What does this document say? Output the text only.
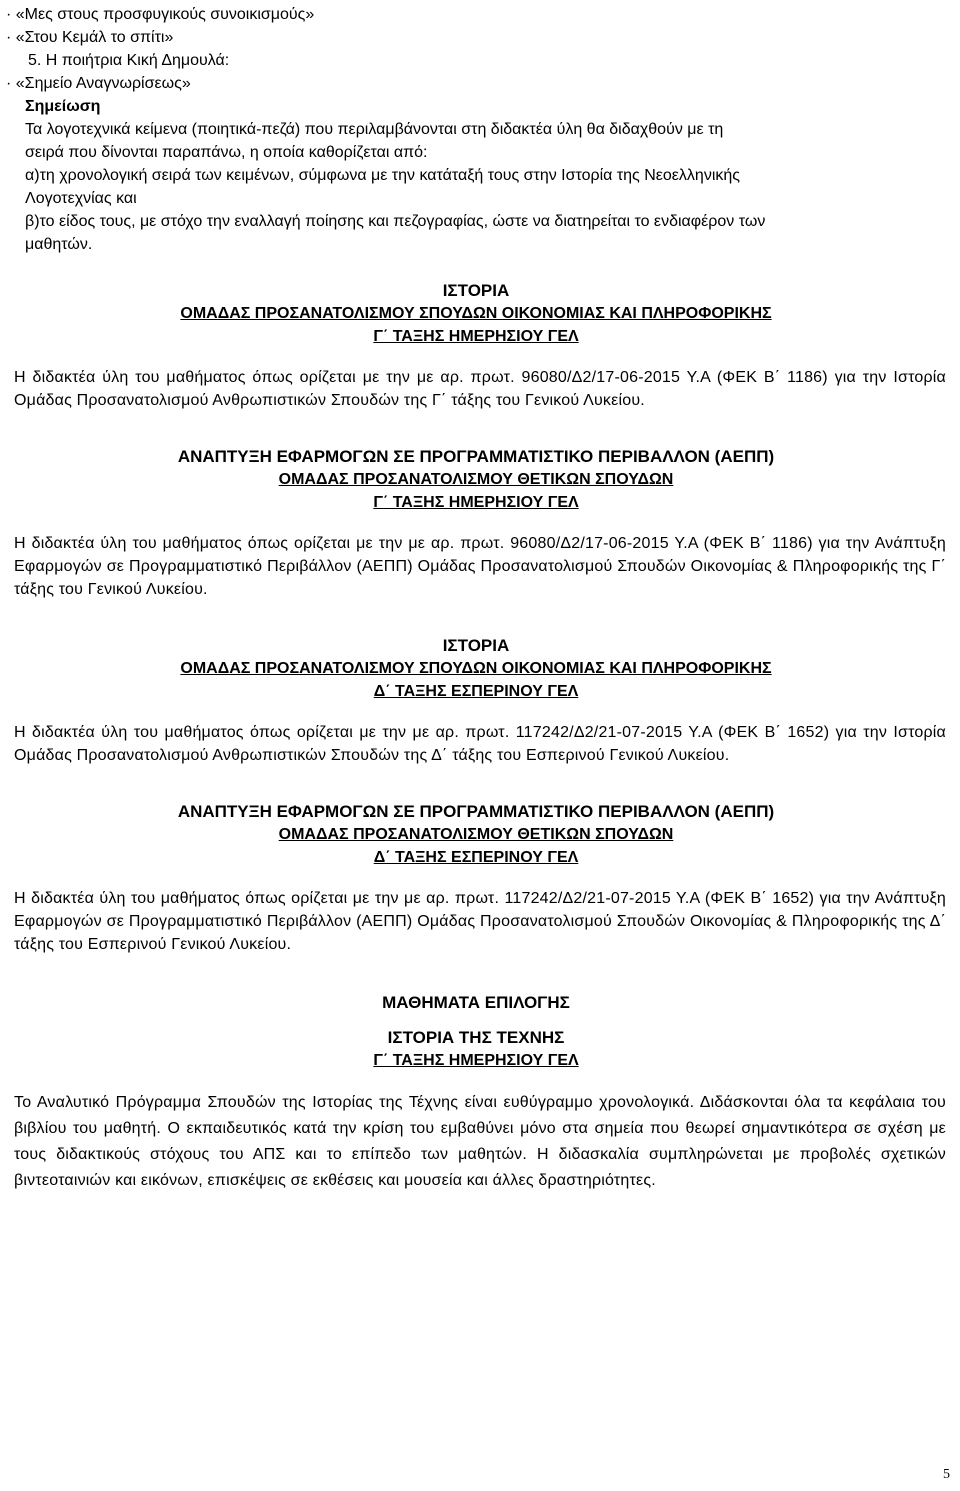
· «Μες στους προσφυγικούς συνοικισμούς»
· «Στου Κεμάλ το σπίτι»
5. Η ποιήτρια Κική Δημουλά:
· «Σημείο Αναγνωρίσεως»
Σημείωση
Τα λογοτεχνικά κείμενα (ποιητικά-πεζά) που περιλαμβάνονται στη διδακτέα ύλη θα διδαχθούν με τη
σειρά που δίνονται παραπάνω, η οποία καθορίζεται από:
α)τη χρονολογική σειρά των κειμένων, σύμφωνα με την κατάταξή τους στην Ιστορία της Νεοελληνικής
Λογοτεχνίας και
β)το είδος τους, με στόχο την εναλλαγή ποίησης και πεζογραφίας, ώστε να διατηρείται το ενδιαφέρον των
μαθητών.
ΙΣΤΟΡΙΑ
ΟΜΑΔΑΣ ΠΡΟΣΑΝΑΤΟΛΙΣΜΟΥ ΣΠΟΥΔΩΝ ΟΙΚΟΝΟΜΙΑΣ ΚΑΙ ΠΛΗΡΟΦΟΡΙΚΗΣ
Γ΄ ΤΑΞΗΣ ΗΜΕΡΗΣΙΟΥ ΓΕΛ
Η διδακτέα ύλη του μαθήματος όπως ορίζεται με την με αρ. πρωτ. 96080/Δ2/17-06-2015 Υ.Α (ΦΕΚ Β΄ 1186) για την Ιστορία Ομάδας Προσανατολισμού Ανθρωπιστικών Σπουδών της Γ΄ τάξης του Γενικού Λυκείου.
ΑΝΑΠΤΥΞΗ ΕΦΑΡΜΟΓΩΝ ΣΕ ΠΡΟΓΡΑΜΜΑΤΙΣΤΙΚΟ ΠΕΡΙΒΑΛΛΟΝ (ΑΕΠΠ)
ΟΜΑΔΑΣ ΠΡΟΣΑΝΑΤΟΛΙΣΜΟΥ ΘΕΤΙΚΩΝ ΣΠΟΥΔΩΝ
Γ΄ ΤΑΞΗΣ ΗΜΕΡΗΣΙΟΥ ΓΕΛ
Η διδακτέα ύλη του μαθήματος όπως ορίζεται με την με αρ. πρωτ. 96080/Δ2/17-06-2015 Υ.Α (ΦΕΚ Β΄ 1186) για την Ανάπτυξη Εφαρμογών σε Προγραμματιστικό Περιβάλλον (ΑΕΠΠ) Ομάδας Προσανατολισμού Σπουδών Οικονομίας & Πληροφορικής της Γ΄ τάξης του Γενικού Λυκείου.
ΙΣΤΟΡΙΑ
ΟΜΑΔΑΣ ΠΡΟΣΑΝΑΤΟΛΙΣΜΟΥ ΣΠΟΥΔΩΝ ΟΙΚΟΝΟΜΙΑΣ ΚΑΙ ΠΛΗΡΟΦΟΡΙΚΗΣ
Δ΄ ΤΑΞΗΣ ΕΣΠΕΡΙΝΟΥ ΓΕΛ
Η διδακτέα ύλη του μαθήματος όπως ορίζεται με την με αρ. πρωτ. 117242/Δ2/21-07-2015 Υ.Α (ΦΕΚ Β΄ 1652) για την Ιστορία Ομάδας Προσανατολισμού Ανθρωπιστικών Σπουδών της Δ΄ τάξης του Εσπερινού Γενικού Λυκείου.
ΑΝΑΠΤΥΞΗ ΕΦΑΡΜΟΓΩΝ ΣΕ ΠΡΟΓΡΑΜΜΑΤΙΣΤΙΚΟ ΠΕΡΙΒΑΛΛΟΝ (ΑΕΠΠ)
ΟΜΑΔΑΣ ΠΡΟΣΑΝΑΤΟΛΙΣΜΟΥ ΘΕΤΙΚΩΝ ΣΠΟΥΔΩΝ
Δ΄ ΤΑΞΗΣ ΕΣΠΕΡΙΝΟΥ ΓΕΛ
Η διδακτέα ύλη του μαθήματος όπως ορίζεται με την με αρ. πρωτ. 117242/Δ2/21-07-2015 Υ.Α (ΦΕΚ Β΄ 1652) για την Ανάπτυξη Εφαρμογών σε Προγραμματιστικό Περιβάλλον (ΑΕΠΠ) Ομάδας Προσανατολισμού Σπουδών Οικονομίας & Πληροφορικής της Δ΄ τάξης του Εσπερινού Γενικού Λυκείου.
ΜΑΘΗΜΑΤΑ ΕΠΙΛΟΓΗΣ
ΙΣΤΟΡΙΑ ΤΗΣ ΤΕΧΝΗΣ
Γ΄ ΤΑΞΗΣ ΗΜΕΡΗΣΙΟΥ ΓΕΛ
Το Αναλυτικό Πρόγραμμα Σπουδών της Ιστορίας της Τέχνης είναι ευθύγραμμο χρονολογικά. Διδάσκονται όλα τα κεφάλαια του βιβλίου του μαθητή. Ο εκπαιδευτικός κατά την κρίση του εμβαθύνει μόνο στα σημεία που θεωρεί σημαντικότερα σε σχέση με τους διδακτικούς στόχους του ΑΠΣ και το επίπεδο των μαθητών. Η διδασκαλία συμπληρώνεται με προβολές σχετικών βιντεοταινιών και εικόνων, επισκέψεις σε εκθέσεις και μουσεία και άλλες δραστηριότητες.
5
